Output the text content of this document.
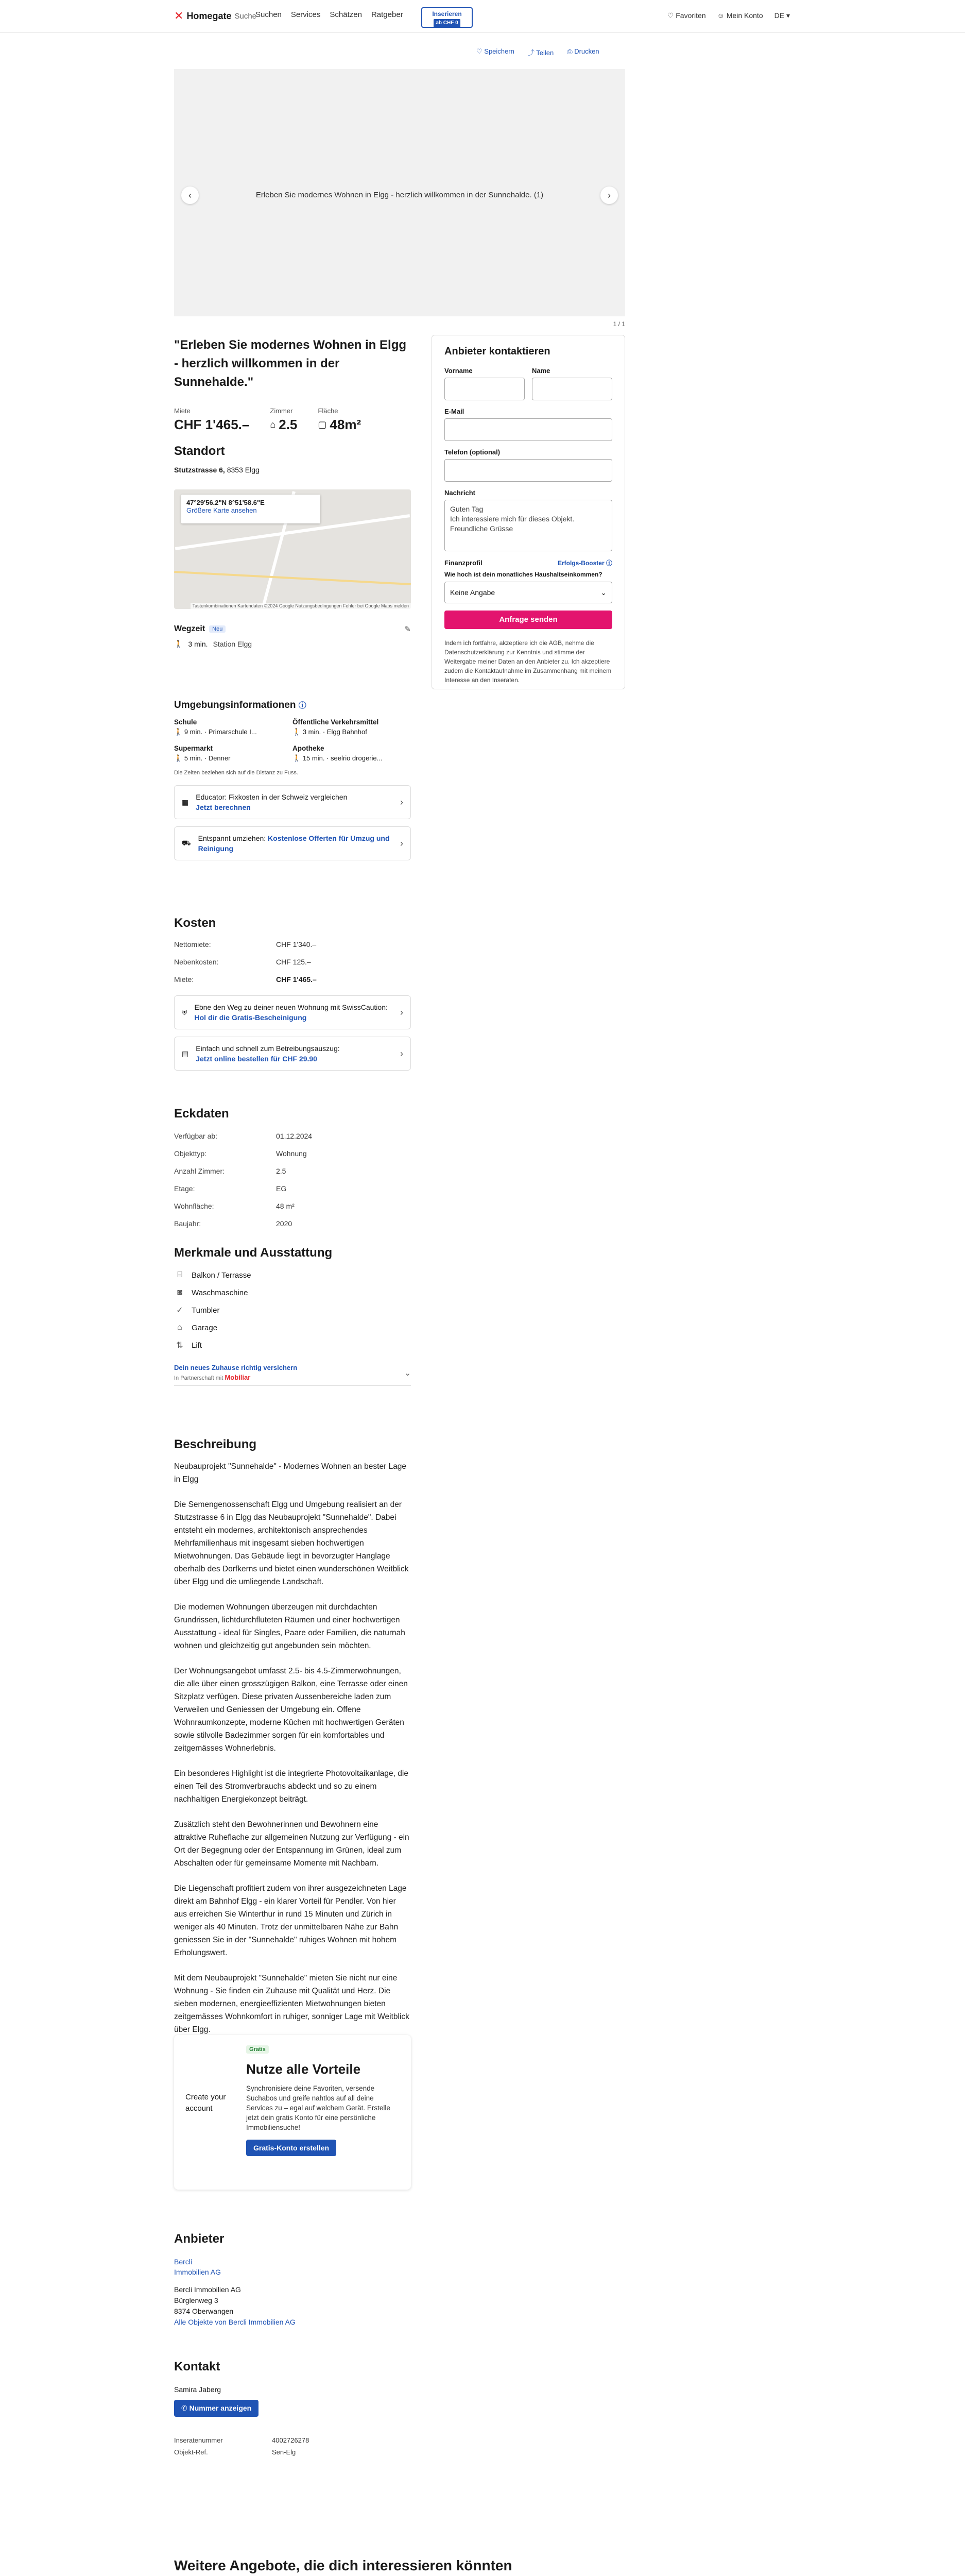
✕ Homegate Suche
Suchen Services Schätzen Ratgeber	Inserieren
ab CHF 0
♡ Favoriten ☺ Mein Konto DE ▾
♡ Speichern ⤴ Teilen ⎙ Drucken
‹	Erleben Sie modernes Wohnen in Elgg - herzlich willkommen in der Sunnehalde. (1)	›
1 / 1
"Erleben Sie modernes Wohnen in Elgg - herzlich willkommen in der Sunnehalde."
Miete
CHF 1'465.–
Zimmer
⌂ 2.5
Fläche
▢ 48m²
Standort
Stutzstrasse 6, 8353 Elgg
47°29'56.2"N 8°51'58.6"E
Größere Karte ansehen
Tastenkombinationen Kartendaten ©2024 Google Nutzungsbedingungen Fehler bei Google Maps melden
Wegzeit	Neu	✎
🚶 3 min. Station Elgg
Umgebungsinformationen ⓘ
Schule
🚶 9 min. · Primarschule I...
Öffentliche Verkehrsmittel
🚶 3 min. · Elgg Bahnhof
Supermarkt
🚶 5 min. · Denner
Apotheke
🚶 15 min. · seelrio drogerie...
Die Zeiten beziehen sich auf die Distanz zu Fuss.
▦
Educator: Fixkosten in der Schweiz vergleichen
Jetzt berechnen
›
⛟
Entspannt umziehen: Kostenlose Offerten für Umzug und Reinigung
›
Kosten
Nettomiete:	CHF 1'340.–
Nebenkosten:	CHF 125.–
Miete:	CHF 1'465.–
⛨
Ebne den Weg zu deiner neuen Wohnung mit SwissCaution: Hol dir die Gratis-Bescheinigung
›
▤
Einfach und schnell zum Betreibungsauszug:
Jetzt online bestellen für CHF 29.90
›
Eckdaten
Verfügbar ab:	01.12.2024
Objekttyp:	Wohnung
Anzahl Zimmer:	2.5
Etage:	EG
Wohnfläche:	48 m²
Baujahr:	2020
Merkmale und Ausstattung
⌸	Balkon / Terrasse
◙	Waschmaschine
✓ Tumbler
⌂	Garage
⇅ Lift
Dein neues Zuhause richtig versichern
In Partnerschaft mit Mobiliar	⌄
Beschreibung

Neubauprojekt "Sunnehalde" - Modernes Wohnen an bester Lage in Elgg

Die Semengenossenschaft Elgg und Umgebung realisiert an der Stutzstrasse 6 in Elgg das Neubauprojekt "Sunnehalde". Dabei entsteht ein modernes, architektonisch ansprechendes Mehrfamilienhaus mit insgesamt sieben hochwertigen Mietwohnungen. Das Gebäude liegt in bevorzugter Hanglage oberhalb des Dorfkerns und bietet einen wunderschönen Weitblick über Elgg und die umliegende Landschaft.

Die modernen Wohnungen überzeugen mit durchdachten Grundrissen, lichtdurchfluteten Räumen und einer hochwertigen Ausstattung - ideal für Singles, Paare oder Familien, die naturnah wohnen und gleichzeitig gut angebunden sein möchten.

Der Wohnungsangebot umfasst 2.5- bis 4.5-Zimmerwohnungen, die alle über einen grosszügigen Balkon, eine Terrasse oder einen Sitzplatz verfügen. Diese privaten Aussenbereiche laden zum Verweilen und Geniessen der Umgebung ein. Offene Wohnraumkonzepte, moderne Küchen mit hochwertigen Geräten sowie stilvolle Badezimmer sorgen für ein komfortables und zeitgemässes Wohnerlebnis.

Ein besonderes Highlight ist die integrierte Photovoltaikanlage, die einen Teil des Stromverbrauchs abdeckt und so zu einem nachhaltigen Energiekonzept beiträgt.

Zusätzlich steht den Bewohnerinnen und Bewohnern eine attraktive Ruheflache zur allgemeinen Nutzung zur Verfügung - ein Ort der Begegnung oder der Entspannung im Grünen, ideal zum Abschalten oder für gemeinsame Momente mit Nachbarn.

Die Liegenschaft profitiert zudem von ihrer ausgezeichneten Lage direkt am Bahnhof Elgg - ein klarer Vorteil für Pendler. Von hier aus erreichen Sie Winterthur in rund 15 Minuten und Zürich in weniger als 40 Minuten. Trotz der unmittelbaren Nähe zur Bahn geniessen Sie in der "Sunnehalde" ruhiges Wohnen mit hohem Erholungswert.

Mit dem Neubauprojekt "Sunnehalde" mieten Sie nicht nur eine Wohnung - Sie finden ein Zuhause mit Qualität und Herz. Die sieben modernen, energieeffizienten Mietwohnungen bieten zeitgemässes Wohnkomfort in ruhiger, sonniger Lage mit Weitblick über Elgg.

Create your account
Gratis
Nutze alle Vorteile
Synchronisiere deine Favoriten, versende Suchabos und greife nahtlos auf all deine Services zu – egal auf welchem Gerät. Erstelle jetzt dein gratis Konto für eine persönliche Immobiliensuche!
Gratis-Konto erstellen
Anbieter
Bercli
Immobilien AG
Bercli Immobilien AG
Bürglenweg 3
8374 Oberwangen
Alle Objekte von Bercli Immobilien AG
Kontakt
Samira Jaberg
✆ Nummer anzeigen
Inseratenummer	4002726278
Objekt-Ref.	Sen-Elg
Weitere Angebote, die dich interessieren könnten
Anbieter kontaktieren
Vorname	Name
E-Mail
Telefon (optional)
Nachricht
Guten Tag
Ich interessiere mich für dieses Objekt.
Freundliche Grüsse
Finanzprofil	Erfolgs-Booster ⓘ
Wie hoch ist dein monatliches Haushaltseinkommen?
Keine Angabe	⌄
Anfrage senden
Indem ich fortfahre, akzeptiere ich die AGB, nehme die Datenschutzerklärung zur Kenntnis und stimme der Weitergabe meiner Daten an den Anbieter zu. Ich akzeptiere zudem die Kontaktaufnahme im Zusammenhang mit meinem Interesse an den Inseraten.
